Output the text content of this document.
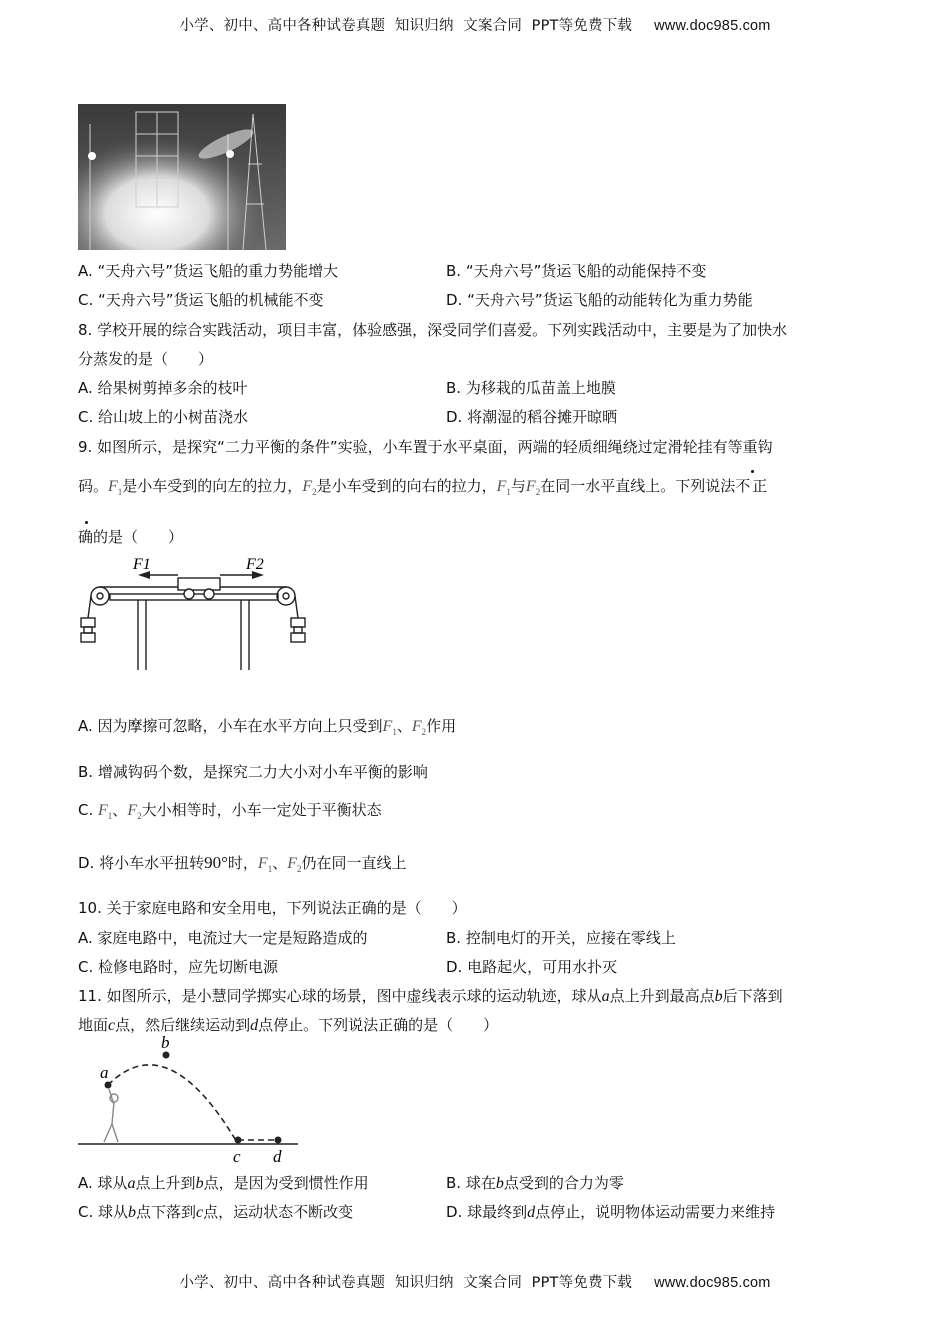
小学、初中、高中各种试卷真题  知识归纳  文案合同  PPT等免费下载 www.doc985.com
A. “天舟六号”货运飞船的重力势能增大	B. “天舟六号”货运飞船的动能保持不变
C. “天舟六号”货运飞船的机械能不变	D. “天舟六号”货运飞船的动能转化为重力势能
8. 学校开展的综合实践活动，项目丰富，体验感强，深受同学们喜爱。下列实践活动中，主要是为了加快水
分蒸发的是（　　）
A. 给果树剪掉多余的枝叶	B. 为移栽的瓜苗盖上地膜
C. 给山坡上的小树苗浇水	D. 将潮湿的稻谷摊开晾晒
9. 如图所示，是探究“二力平衡的条件”实验，小车置于水平桌面，两端的轻质细绳绕过定滑轮挂有等重钩
码。$F_1$是小车受到的向左的拉力，$F_2$是小车受到的向右的拉力，$F_1$与$F_2$在同一水平直线上。下列说法不正
确的是（　　）
F1	F2
A. 因为摩擦可忽略，小车在水平方向上只受到$F_1$、$F_2$作用
B. 增减钩码个数，是探究二力大小对小车平衡的影响
C. $F_1$、$F_2$大小相等时，小车一定处于平衡状态
D. 将小车水平扭转90°时，$F_1$、$F_2$仍在同一直线上
10. 关于家庭电路和安全用电，下列说法正确的是（　　）
A. 家庭电路中，电流过大一定是短路造成的	B. 控制电灯的开关，应接在零线上
C. 检修电路时，应先切断电源	D. 电路起火，可用水扑灭
11. 如图所示，是小慧同学掷实心球的场景，图中虚线表示球的运动轨迹，球从a点上升到最高点b后下落到
地面c点，然后继续运动到d点停止。下列说法正确的是（　　）
a
b
c d
A. 球从a点上升到b点，是因为受到惯性作用	B. 球在b点受到的合力为零
C. 球从b点下落到c点，运动状态不断改变	D. 球最终到d点停止，说明物体运动需要力来维持
小学、初中、高中各种试卷真题  知识归纳  文案合同  PPT等免费下载 www.doc985.com
